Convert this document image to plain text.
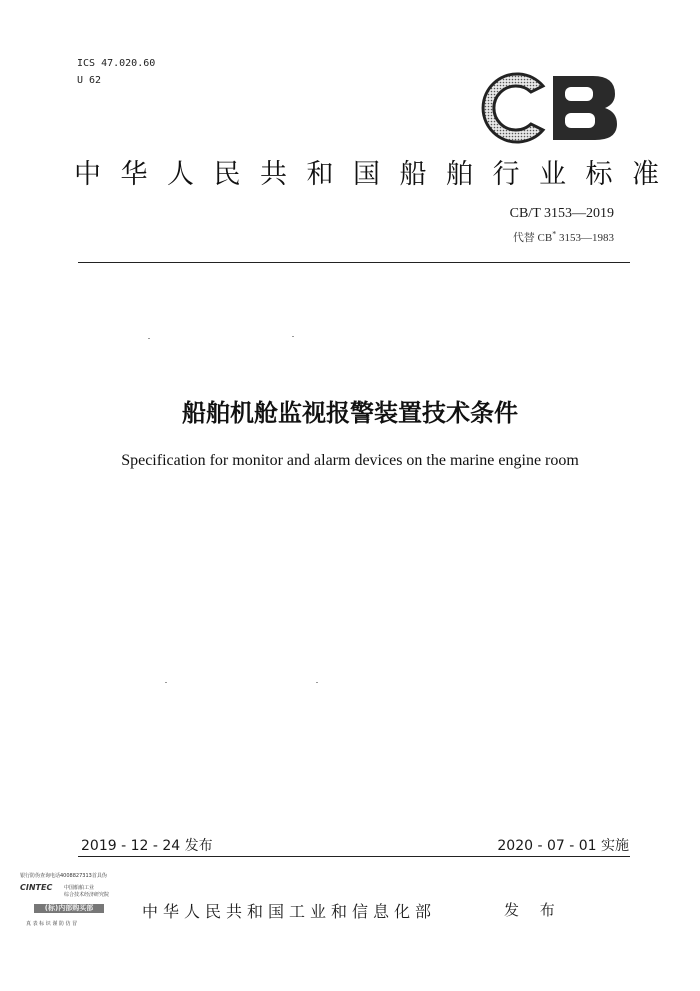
ICS 47.020.60
U 62
中华人民共和国船舶行业标准
CB/T 3153—2019
代替 CB* 3153—1983
船舶机舱监视报警装置技术条件
Specification for monitor and alarm devices on the marine engine room
2019 - 12 - 24 发布	2020 - 07 - 01 实施
银行防伪查询电话4008827313首具伪
CINTEC	中国船舶工业
综合技术经济研究院
(标)内部购买部
真 表 标 识 谨 防 仿 冒
中华人民共和国工业和信息化部	发 布
